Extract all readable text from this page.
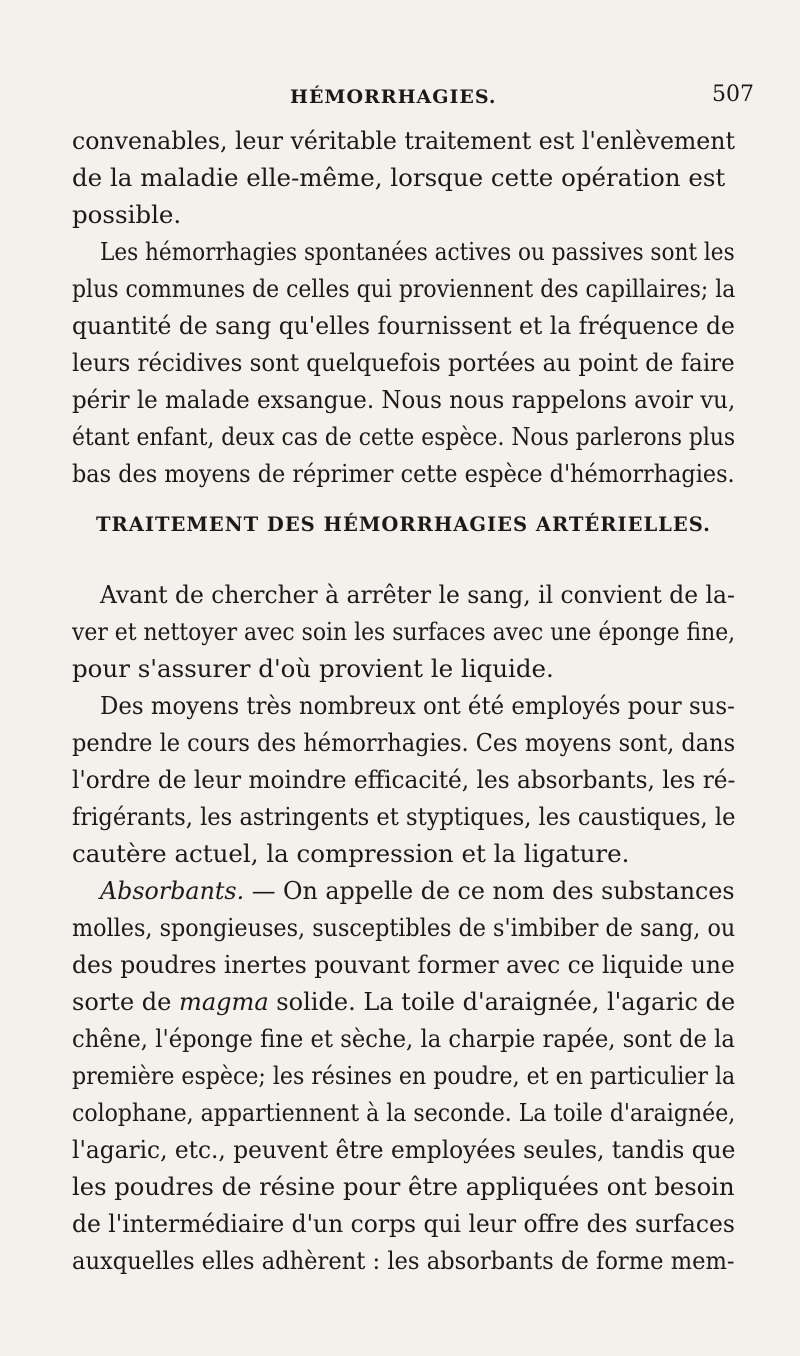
HÉMORRHAGIES.	507
convenables, leur véritable traitement est l'enlèvement
de la maladie elle-même, lorsque cette opération est
possible.
Les hémorrhagies spontanées actives ou passives sont les
plus communes de celles qui proviennent des capillaires; la
quantité de sang qu'elles fournissent et la fréquence de
leurs récidives sont quelquefois portées au point de faire
périr le malade exsangue. Nous nous rappelons avoir vu,
étant enfant, deux cas de cette espèce. Nous parlerons plus
bas des moyens de réprimer cette espèce d'hémorrhagies.
TRAITEMENT DES HÉMORRHAGIES ARTÉRIELLES.
Avant de chercher à arrêter le sang, il convient de la-
ver et nettoyer avec soin les surfaces avec une éponge fine,
pour s'assurer d'où provient le liquide.
Des moyens très nombreux ont été employés pour sus-
pendre le cours des hémorrhagies. Ces moyens sont, dans
l'ordre de leur moindre efficacité, les absorbants, les ré-
frigérants, les astringents et styptiques, les caustiques, le
cautère actuel, la compression et la ligature.
Absorbants. — On appelle de ce nom des substances
molles, spongieuses, susceptibles de s'imbiber de sang, ou
des poudres inertes pouvant former avec ce liquide une
sorte de magma solide. La toile d'araignée, l'agaric de
chêne, l'éponge fine et sèche, la charpie rapée, sont de la
première espèce; les résines en poudre, et en particulier la
colophane, appartiennent à la seconde. La toile d'araignée,
l'agaric, etc., peuvent être employées seules, tandis que
les poudres de résine pour être appliquées ont besoin
de l'intermédiaire d'un corps qui leur offre des surfaces
auxquelles elles adhèrent : les absorbants de forme mem-
